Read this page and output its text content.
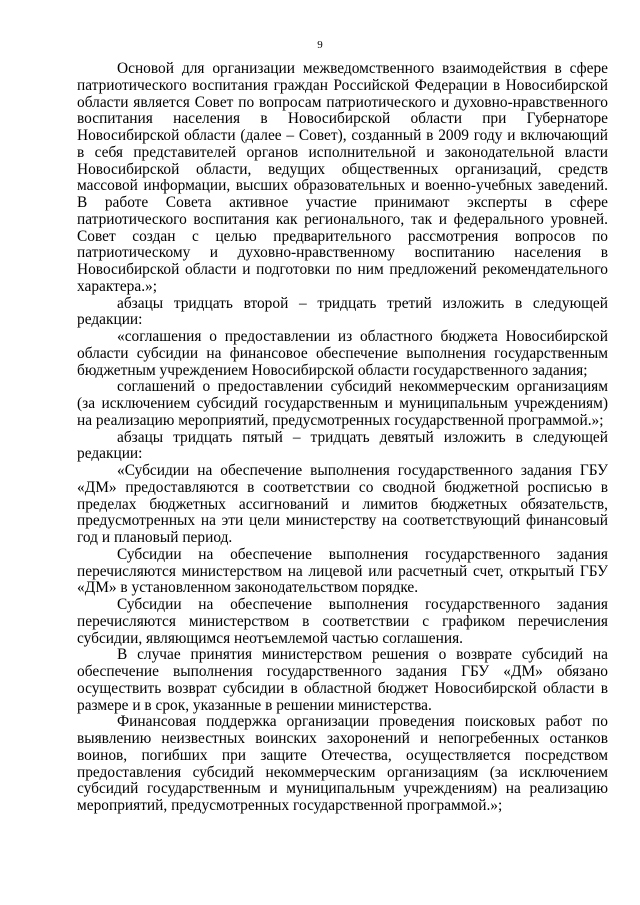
9

Основой для организации межведомственного взаимодействия в сфере патриотического воспитания граждан Российской Федерации в Новосибирской области является Совет по вопросам патриотического и духовно-нравственного воспитания населения в Новосибирской области при Губернаторе Новосибирской области (далее – Совет), созданный в 2009 году и включающий в себя представителей органов исполнительной и законодательной власти Новосибирской области, ведущих общественных организаций, средств массовой информации, высших образовательных и военно-учебных заведений. В работе Совета активное участие принимают эксперты в сфере патриотического воспитания как регионального, так и федерального уровней. Совет создан с целью предварительного рассмотрения вопросов по патриотическому и духовно-нравственному воспитанию населения в Новосибирской области и подготовки по ним предложений рекомендательного характера.»;

абзацы тридцать второй – тридцать третий изложить в следующей редакции:

«соглашения о предоставлении из областного бюджета Новосибирской области субсидии на финансовое обеспечение выполнения государственным бюджетным учреждением Новосибирской области государственного задания;

соглашений о предоставлении субсидий некоммерческим организациям (за исключением субсидий государственным и муниципальным учреждениям) на реализацию мероприятий, предусмотренных государственной программой.»;

абзацы тридцать пятый – тридцать девятый изложить в следующей редакции:

«Субсидии на обеспечение выполнения государственного задания ГБУ «ДМ» предоставляются в соответствии со сводной бюджетной росписью в пределах бюджетных ассигнований и лимитов бюджетных обязательств, предусмотренных на эти цели министерству на соответствующий финансовый год и плановый период.

Субсидии на обеспечение выполнения государственного задания перечисляются министерством на лицевой или расчетный счет, открытый ГБУ «ДМ» в установленном законодательством порядке.

Субсидии на обеспечение выполнения государственного задания перечисляются министерством в соответствии с графиком перечисления субсидии, являющимся неотъемлемой частью соглашения.

В случае принятия министерством решения о возврате субсидий на обеспечение выполнения государственного задания ГБУ «ДМ» обязано осуществить возврат субсидии в областной бюджет Новосибирской области в размере и в срок, указанные в решении министерства.

Финансовая поддержка организации проведения поисковых работ по выявлению неизвестных воинских захоронений и непогребенных останков воинов, погибших при защите Отечества, осуществляется посредством предоставления субсидий некоммерческим организациям (за исключением субсидий государственным и муниципальным учреждениям) на реализацию мероприятий, предусмотренных государственной программой.»;
